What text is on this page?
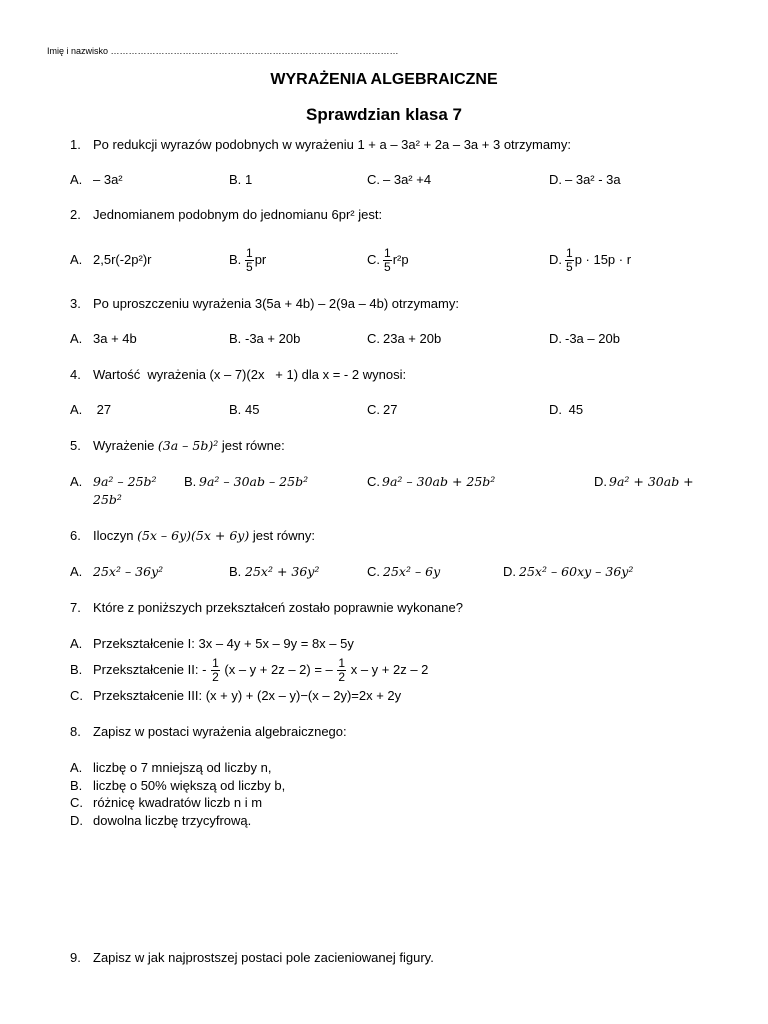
Imię i nazwisko ……………………………………………………………………………………
WYRAŻENIA ALGEBRAICZNE
Sprawdzian klasa 7
1. Po redukcji wyrazów podobnych w wyrażeniu 1 + a – 3a² + 2a – 3a + 3 otrzymamy:
A. – 3a²	B. 1	C. – 3a² +4	D. – 3a² - 3a
2. Jednomianem podobnym do jednomianu 6pr² jest:
A. 2,5r(-2p²)r	B. $\frac{1}{5}$ pr	C. $\frac{1}{5} r^2p$	D. $\frac{1}{5}$ p · 15p · r
3. Po uproszczeniu wyrażenia 3(5a + 4b) – 2(9a – 4b) otrzymamy:
A. 3a + 4b	B. -3a + 20b	C. 23a + 20b	D. -3a – 20b
4. Wartość  wyrażenia (x – 7)(2x   + 1) dla x = - 2 wynosi:
A. 27	B. 45	C. 27	D. 45
5. Wyrażenie (3a – 5b)² jest równe:
A. 9a² – 25b² B. 9a² – 30ab – 25b²	C. 9a² – 30ab + 25b²	D. 9a² + 30ab +
25b²
6. Iloczyn (5x – 6y)(5x + 6y) jest równy:
A. 25x² – 36y²	B. 25x² + 36y²	C. 25x² – 6y	D. 25x² – 60xy – 36y²
7. Które z poniższych przekształceń zostało poprawnie wykonane?
A. Przekształcenie I: 3x – 4y + 5x – 9y = 8x – 5y
B. Przekształcenie II: - $\frac{1}{2} (x - y + 2z - 2)$ = – $\frac{1}{2}$ x – y + 2z – 2
C. Przekształcenie III: (x + y) + (2x – y)−(x – 2y)=2x + 2y
8. Zapisz w postaci wyrażenia algebraicznego:
A. liczbę o 7 mniejszą od liczby n,
B. liczbę o 50% większą od liczby b,
C. różnicę kwadratów liczb n i m
D. dowolna liczbę trzycyfrową.
9. Zapisz w jak najprostszej postaci pole zacieniowanej figury.
